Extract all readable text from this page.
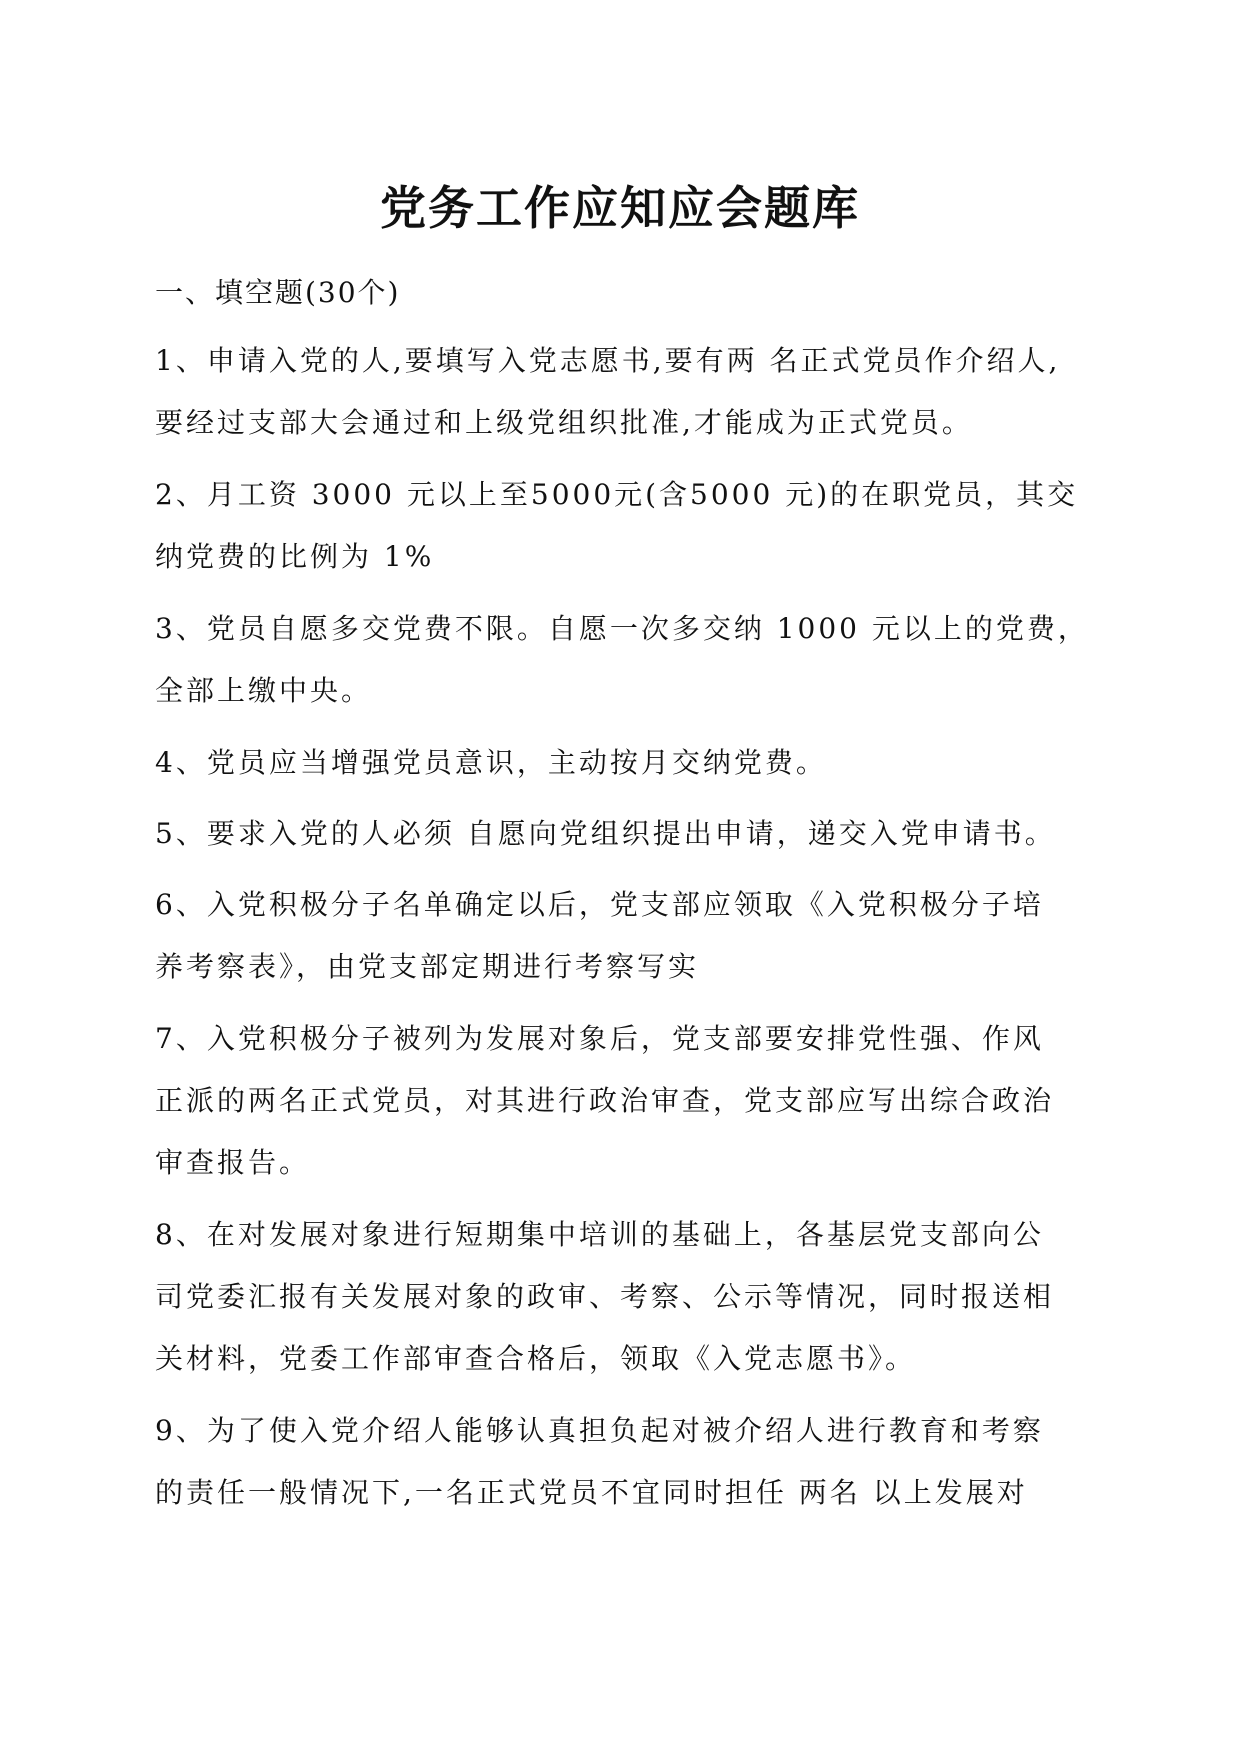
党务工作应知应会题库

一、填空题(30个)

1、申请入党的人,要填写入党志愿书,要有两 名正式党员作介绍人,
要经过支部大会通过和上级党组织批准,才能成为正式党员。

2、月工资 3000 元以上至5000元(含5000 元)的在职党员，其交
纳党费的比例为 1%

3、党员自愿多交党费不限。自愿一次多交纳 1000 元以上的党费，
全部上缴中央。

4、党员应当增强党员意识，主动按月交纳党费。

5、要求入党的人必须 自愿向党组织提出申请，递交入党申请书。

6、入党积极分子名单确定以后，党支部应领取《入党积极分子培
养考察表》，由党支部定期进行考察写实

7、入党积极分子被列为发展对象后，党支部要安排党性强、作风
正派的两名正式党员，对其进行政治审查，党支部应写出综合政治
审查报告。

8、在对发展对象进行短期集中培训的基础上，各基层党支部向公
司党委汇报有关发展对象的政审、考察、公示等情况，同时报送相
关材料，党委工作部审查合格后，领取《入党志愿书》。

9、为了使入党介绍人能够认真担负起对被介绍人进行教育和考察
的责任一般情况下,一名正式党员不宜同时担任 两名 以上发展对
